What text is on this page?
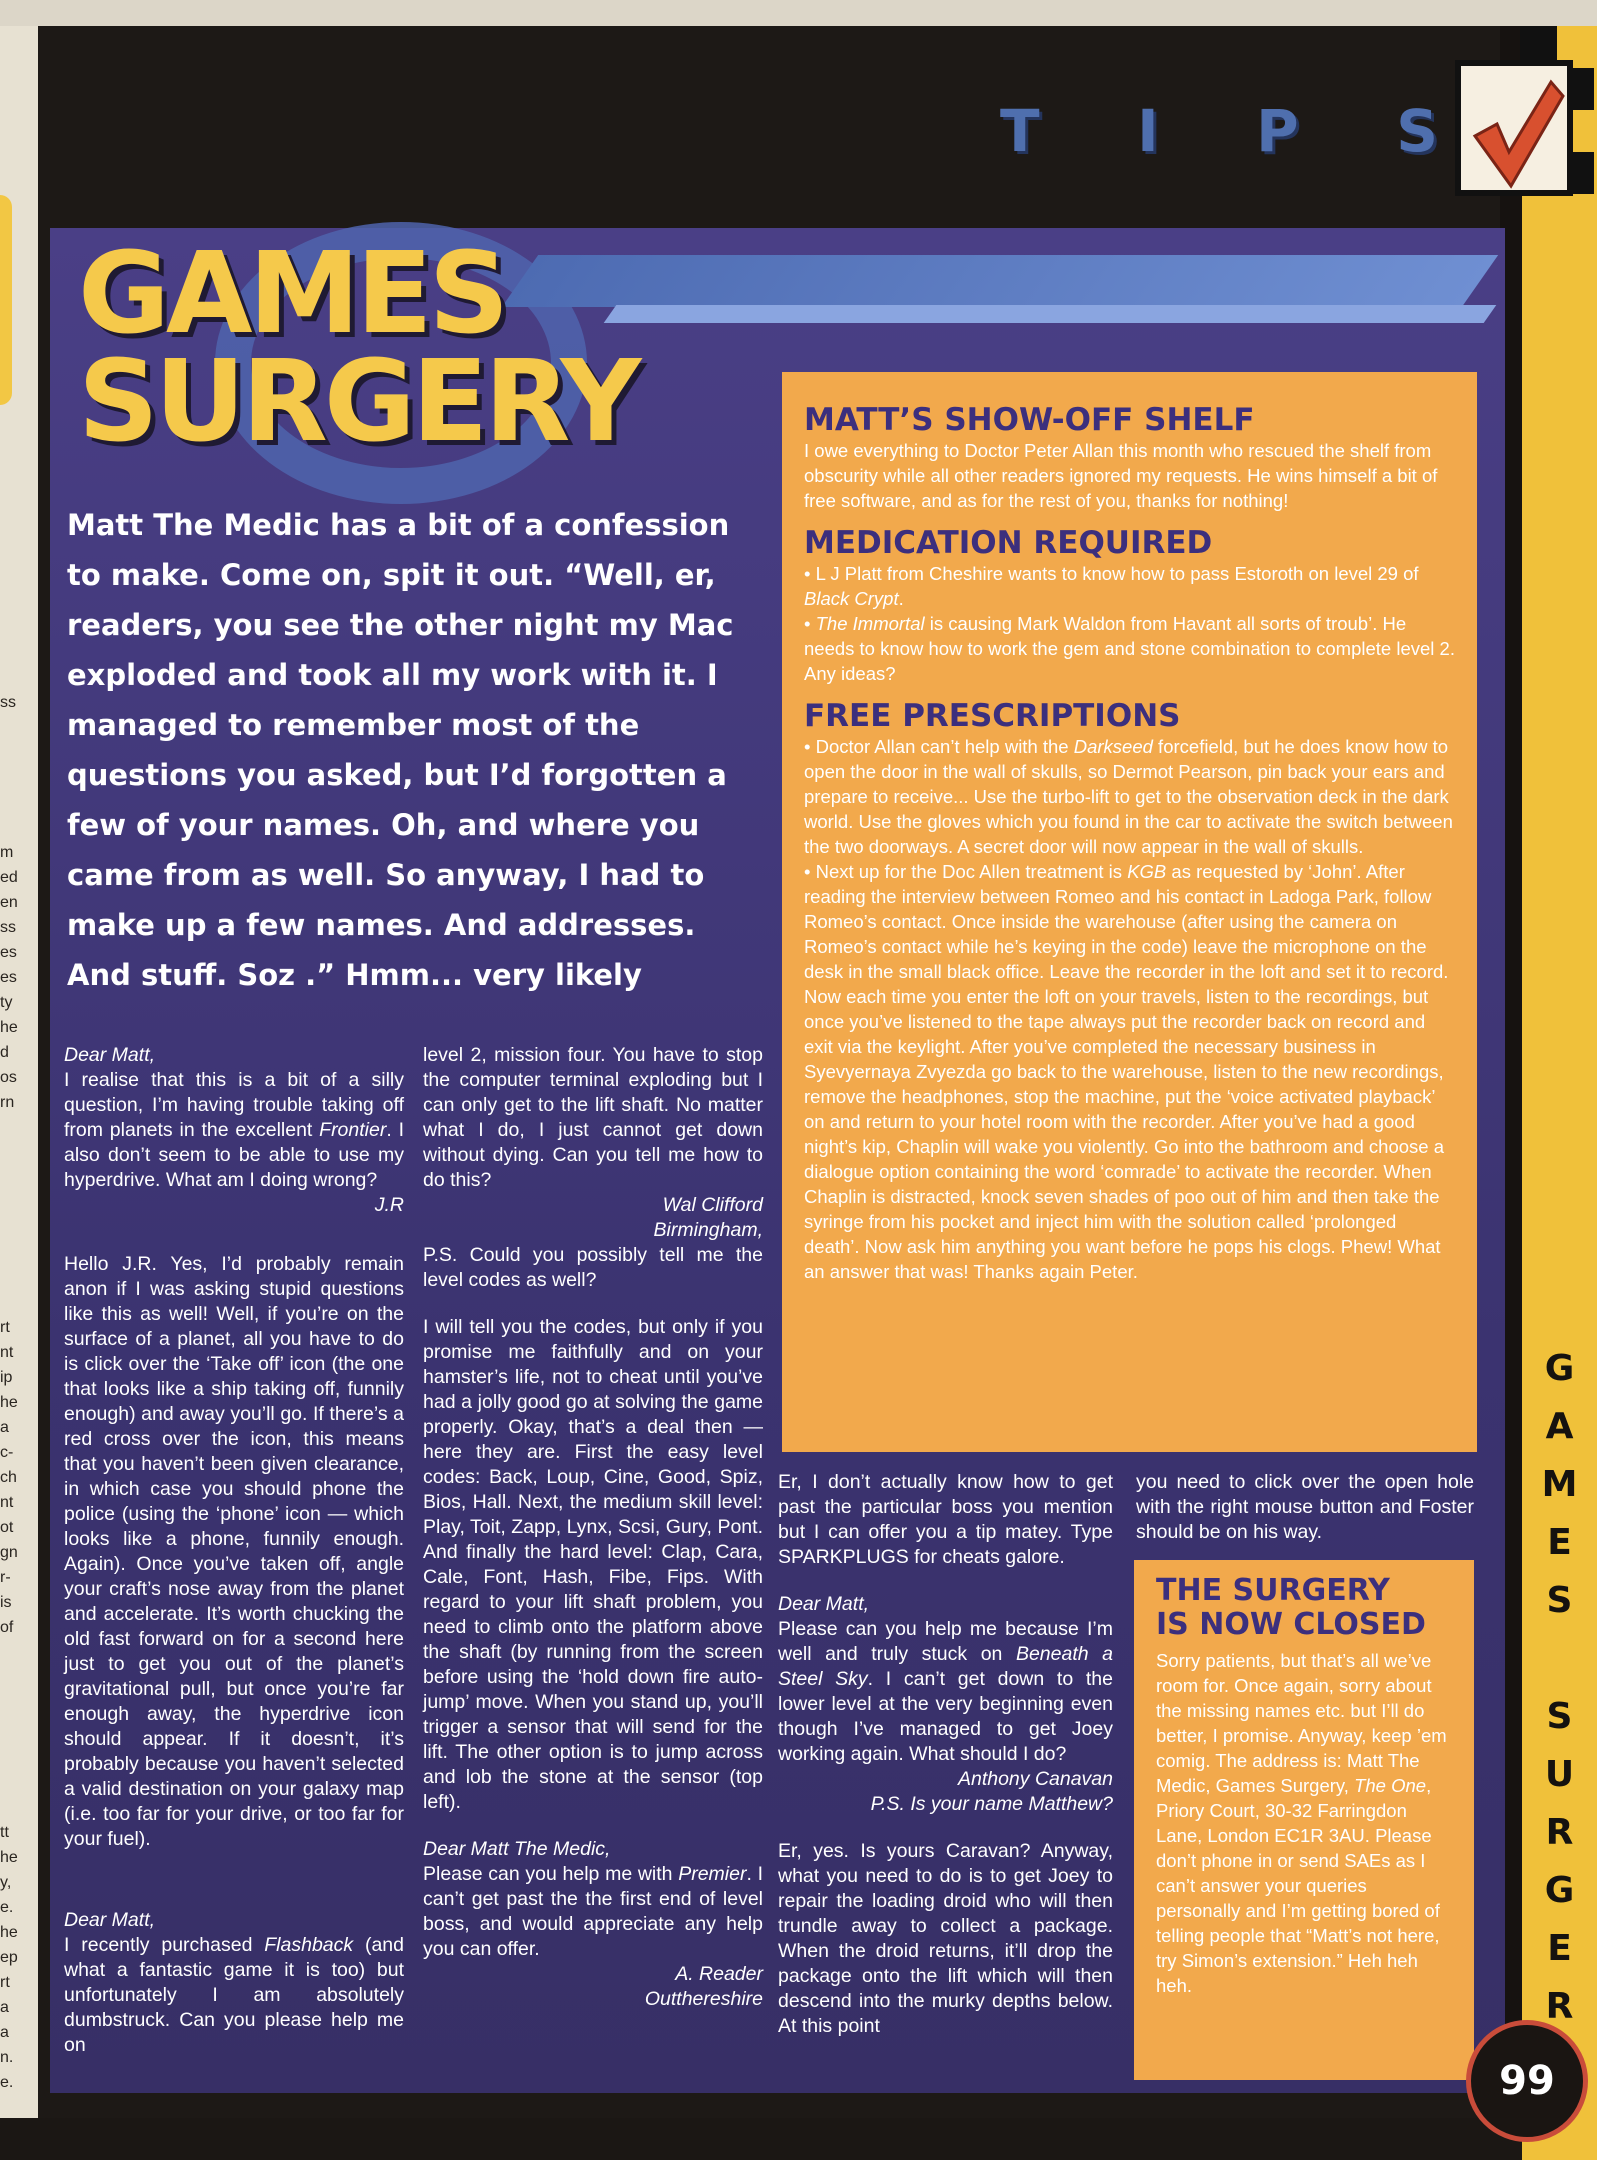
ss
m
ed
en
ss
es
es
ty
he
d
os
rn
rt
nt
ip
he
a
c-
ch
nt
ot
gn
r-
is
of
tt
he
y,
e.
he
ep
rt
a
a
n.
e.
G
A
M
E
S

S
U
R
G
E
R
T I P S
GAMES
SURGERY

Matt The Medic has a bit of a confession to make. Come on, spit it out. “Well, er, readers, you see the other night my Mac exploded and took all my work with it. I managed to remember most of the questions you asked, but I’d forgotten a few of your names. Oh, and where you came from as well. So anyway, I had to make up a few names. And addresses. And stuff. Soz .” Hmm... very likely

Dear Matt,

I realise that this is a bit of a silly question, I’m having trouble taking off from planets in the excellent Frontier. I also don’t seem to be able to use my hyperdrive. What am I doing wrong?

J.R

Hello J.R. Yes, I’d probably remain anon if I was asking stupid questions like this as well! Well, if you’re on the surface of a planet, all you have to do is click over the ‘Take off’ icon (the one that looks like a ship taking off, funnily enough) and away you’ll go. If there’s a red cross over the icon, this means that you haven’t been given clearance, in which case you should phone the police (using the ‘phone’ icon — which looks like a phone, funnily enough. Again). Once you’ve taken off, angle your craft’s nose away from the planet and accelerate. It’s worth chucking the old fast forward on for a second here just to get you out of the planet’s gravitational pull, but once you’re far enough away, the hyperdrive icon should appear. If it doesn’t, it’s probably because you haven’t selected a valid destination on your galaxy map (i.e. too far for your drive, or too far for your fuel).

Dear Matt,

I recently purchased Flashback (and what a fantastic game it is too) but unfortunately I am absolutely dumbstruck. Can you please help me on

level 2, mission four. You have to stop the computer terminal exploding but I can only get to the lift shaft. No matter what I do, I just cannot get down without dying. Can you tell me how to do this?

Wal Clifford

Birmingham,

P.S. Could you possibly tell me the level codes as well?

I will tell you the codes, but only if you promise me faithfully and on your hamster’s life, not to cheat until you’ve had a jolly good go at solving the game properly. Okay, that’s a deal then — here they are. First the easy level codes: Back, Loup, Cine, Good, Spiz, Bios, Hall. Next, the medium skill level: Play, Toit, Zapp, Lynx, Scsi, Gury, Pont. And finally the hard level: Clap, Cara, Cale, Font, Hash, Fibe, Fips. With regard to your lift shaft problem, you need to climb onto the platform above the shaft (by running from the screen before using the ‘hold down fire auto-jump’ move. When you stand up, you’ll trigger a sensor that will send for the lift. The other option is to jump across and lob the stone at the sensor (top left).

Dear Matt The Medic,

Please can you help me with Premier. I can’t get past the the first end of level boss, and would appreciate any help you can offer.

A. Reader

Outthereshire

Er, I don’t actually know how to get past the particular boss you mention but I can offer you a tip matey. Type SPARKPLUGS for cheats galore.

Dear Matt,

Please can you help me because I’m well and truly stuck on Beneath a Steel Sky. I can’t get down to the lower level at the very beginning even though I’ve managed to get Joey working again. What should I do?

Anthony Canavan

P.S. Is your name Matthew?

Er, yes. Is yours Caravan? Anyway, what you need to do is to get Joey to repair the loading droid who will then trundle away to collect a package. When the droid returns, it’ll drop the package onto the lift which will then descend into the murky depths below. At this point

you need to click over the open hole with the right mouse button and Foster should be on his way.

MATT’S SHOW-OFF SHELF

I owe everything to Doctor Peter Allan this month who rescued the shelf from obscurity while all other readers ignored my requests. He wins himself a bit of free software, and as for the rest of you, thanks for nothing!

MEDICATION REQUIRED

• L J Platt from Cheshire wants to know how to pass Estoroth on level 29 of Black Crypt.

• The Immortal is causing Mark Waldon from Havant all sorts of troub’. He needs to know how to work the gem and stone combination to complete level 2. Any ideas?

FREE PRESCRIPTIONS

• Doctor Allan can’t help with the Darkseed forcefield, but he does know how to open the door in the wall of skulls, so Dermot Pearson, pin back your ears and prepare to receive... Use the turbo-lift to get to the observation deck in the dark world. Use the gloves which you found in the car to activate the switch between the two doorways. A secret door will now appear in the wall of skulls.

• Next up for the Doc Allen treatment is KGB as requested by ‘John’. After reading the interview between Romeo and his contact in Ladoga Park, follow Romeo’s contact. Once inside the warehouse (after using the camera on Romeo’s contact while he’s keying in the code) leave the microphone on the desk in the small black office. Leave the recorder in the loft and set it to record. Now each time you enter the loft on your travels, listen to the recordings, but once you’ve listened to the tape always put the recorder back on record and exit via the keylight. After you’ve completed the necessary business in Syevyernaya Zvyezda go back to the warehouse, listen to the new recordings, remove the headphones, stop the machine, put the ‘voice activated playback’ on and return to your hotel room with the recorder. After you’ve had a good night’s kip, Chaplin will wake you violently. Go into the bathroom and choose a dialogue option containing the word ‘comrade’ to activate the recorder. When Chaplin is distracted, knock seven shades of poo out of him and then take the syringe from his pocket and inject him with the solution called ‘prolonged death’. Now ask him anything you want before he pops his clogs. Phew! What an answer that was! Thanks again Peter.

THE SURGERY
IS NOW CLOSED

Sorry patients, but that’s all we’ve room for. Once again, sorry about the missing names etc. but I’ll do better, I promise. Anyway, keep ’em comig. The address is: Matt The Medic, Games Surgery, The One, Priory Court, 30-32 Farringdon Lane, London EC1R 3AU. Please don’t phone in or send SAEs as I can’t answer your queries personally and I’m getting bored of telling people that “Matt’s not here, try Simon’s extension.” Heh heh heh.

99
